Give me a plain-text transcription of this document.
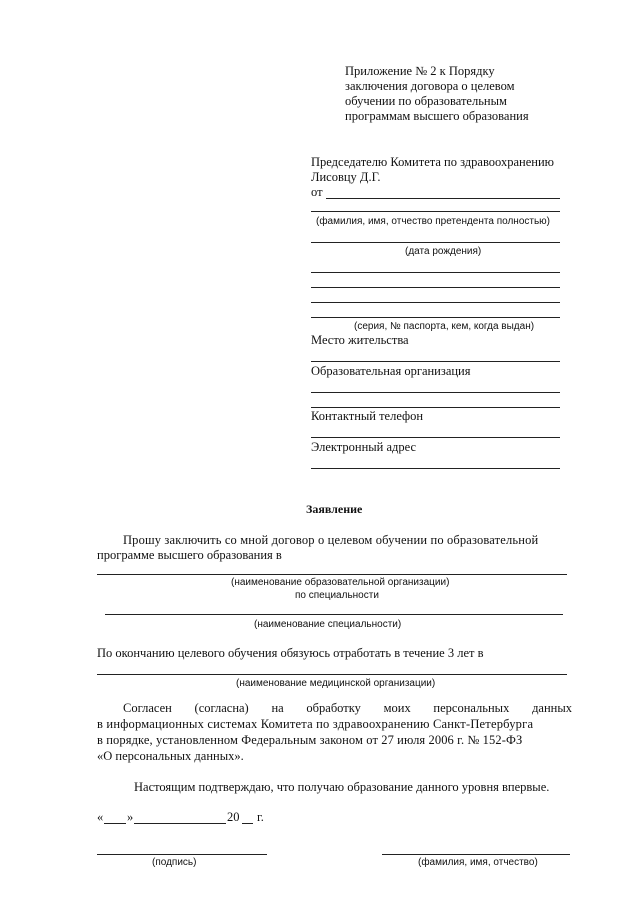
Приложение № 2 к Порядку
заключения договора о целевом
обучении по образовательным
программам высшего образования
Председателю Комитета по здравоохранению
Лисовцу Д.Г.
от
(фамилия, имя, отчество претендента полностью)
(дата рождения)
(серия, № паспорта, кем, когда выдан)
Место жительства
Образовательная организация
Контактный телефон
Электронный адрес
Заявление
Прошу заключить со мной договор о целевом обучении по образовательной
программе высшего образования в
(наименование образовательной организации)
по специальности
(наименование специальности)
По окончанию целевого обучения обязуюсь отработать в течение 3 лет в
(наименование медицинской организации)
Согласен (согласна) на обработку моих персональных данных
в информационных системах Комитета по здравоохранению Санкт-Петербурга
в порядке, установленном Федеральным законом от 27 июля 2006 г. № 152-ФЗ
«О персональных данных».
Настоящим подтверждаю, что получаю образование данного уровня впервые.
« »	20 г.
(подпись)	(фамилия, имя, отчество)
